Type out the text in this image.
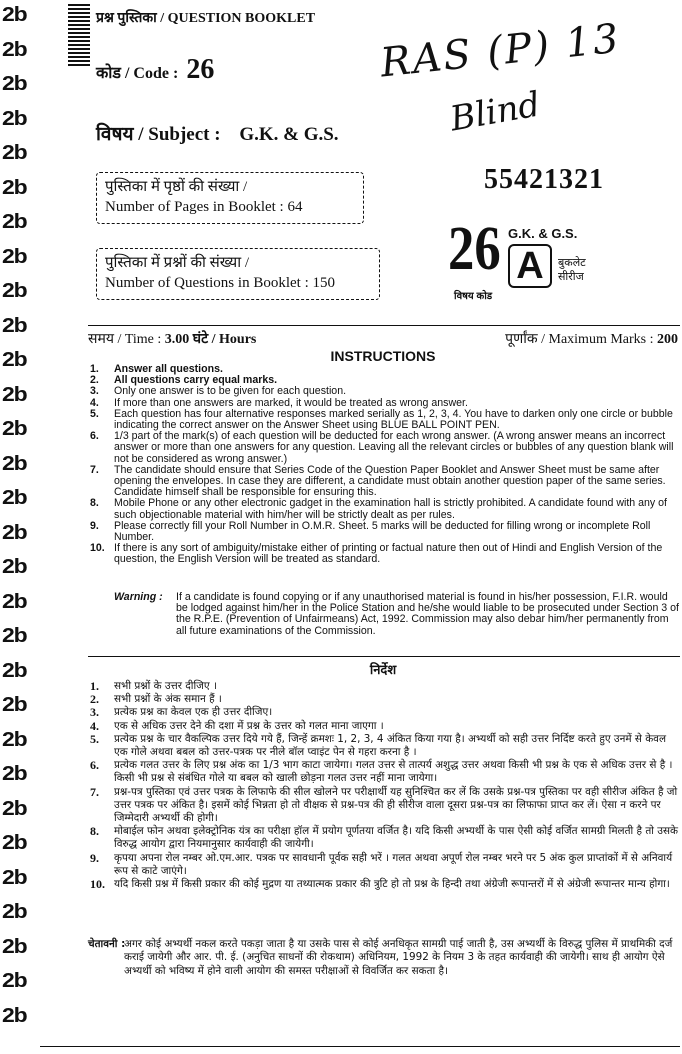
2b
2b
2b
2b
2b
2b
2b
2b
2b
2b
2b
2b
2b
2b
2b
2b
2b
2b
2b
2b
2b
2b
2b
2b
2b
2b
2b
2b
2b
2b
प्रश्न पुस्तिका / QUESTION BOOKLET
कोड / Code : 26	RAS (P) 13
Blind
विषय / Subject : G.K. & G.S.
55421321
पुस्तिका में पृष्ठों की संख्या /
Number of Pages in Booklet : 64
पुस्तिका में प्रश्नों की संख्या /
Number of Questions in Booklet : 150	26
विषय कोड
G.K. & G.S.
A	बुकलेट
सीरीज
समय / Time : 3.00 घंटे / Hours	पूर्णांक / Maximum Marks : 200
INSTRUCTIONS
1. Answer all questions.
2. All questions carry equal marks.
3. Only one answer is to be given for each question.
4. If more than one answers are marked, it would be treated as wrong answer.
5. Each question has four alternative responses marked serially as 1, 2, 3, 4. You have to darken only one circle or bubble indicating the correct answer on the Answer Sheet using BLUE BALL POINT PEN.
6. 1/3 part of the mark(s) of each question will be deducted for each wrong answer. (A wrong answer means an incorrect answer or more than one answers for any question. Leaving all the relevant circles or bubbles of any question blank will not be considered as wrong answer.)
7. The candidate should ensure that Series Code of the Question Paper Booklet and Answer Sheet must be same after opening the envelopes. In case they are different, a candidate must obtain another question paper of the same series. Candidate himself shall be responsible for ensuring this.
8. Mobile Phone or any other electronic gadget in the examination hall is strictly prohibited. A candidate found with any of such objectionable material with him/her will be strictly dealt as per rules.
9. Please correctly fill your Roll Number in O.M.R. Sheet. 5 marks will be deducted for filling wrong or incomplete Roll Number.
10. If there is any sort of ambiguity/mistake either of printing or factual nature then out of Hindi and English Version of the question, the English Version will be treated as standard.
Warning : If a candidate is found copying or if any unauthorised material is found in his/her possession, F.I.R. would be lodged against him/her in the Police Station and he/she would liable to be prosecuted under Section 3 of the R.P.E. (Prevention of Unfairmeans) Act, 1992. Commission may also debar him/her permanently from all future examinations of the Commission.
निर्देश
1. सभी प्रश्नों के उत्तर दीजिए ।
2. सभी प्रश्नों के अंक समान हैं ।
3. प्रत्येक प्रश्न का केवल एक ही उत्तर दीजिए।
4. एक से अधिक उत्तर देने की दशा में प्रश्न के उत्तर को गलत माना जाएगा ।
5. प्रत्येक प्रश्न के चार वैकल्पिक उत्तर दिये गये हैं, जिन्हें क्रमशः 1, 2, 3, 4 अंकित किया गया है। अभ्यर्थी को सही उत्तर निर्दिष्ट करते हुए उनमें से केवल एक गोले अथवा बबल को उत्तर-पत्रक पर नीले बॉल प्वाइंट पेन से गहरा करना है ।
6. प्रत्येक गलत उत्तर के लिए प्रश्न अंक का 1/3 भाग काटा जायेगा। गलत उत्तर से तात्पर्य अशुद्ध उत्तर अथवा किसी भी प्रश्न के एक से अधिक उत्तर से है । किसी भी प्रश्न से संबंधित गोले या बबल को खाली छोड़ना गलत उत्तर नहीं माना जायेगा।
7. प्रश्न-पत्र पुस्तिका एवं उत्तर पत्रक के लिफाफे की सील खोलने पर परीक्षार्थी यह सुनिश्चित कर लें कि उसके प्रश्न-पत्र पुस्तिका पर वही सीरीज अंकित है जो उत्तर पत्रक पर अंकित है। इसमें कोई भिन्नता हो तो वीक्षक से प्रश्न-पत्र की ही सीरीज वाला दूसरा प्रश्न-पत्र का लिफाफा प्राप्त कर लें। ऐसा न करने पर जिम्मेदारी अभ्यर्थी की होगी।
8. मोबाईल फोन अथवा इलेक्ट्रोनिक यंत्र का परीक्षा हॉल में प्रयोग पूर्णतया वर्जित है। यदि किसी अभ्यर्थी के पास ऐसी कोई वर्जित सामग्री मिलती है तो उसके विरुद्ध आयोग द्वारा नियमानुसार कार्यवाही की जायेगी।
9. कृपया अपना रोल नम्बर ओ.एम.आर. पत्रक पर सावधानी पूर्वक सही भरें । गलत अथवा अपूर्ण रोल नम्बर भरने पर 5 अंक कुल प्राप्तांकों में से अनिवार्य रूप से काटे जाएंगे।
10. यदि किसी प्रश्न में किसी प्रकार की कोई मुद्रण या तथ्यात्मक प्रकार की त्रुटि हो तो प्रश्न के हिन्दी तथा अंग्रेजी रूपान्तरों में से अंग्रेजी रूपान्तर मान्य होगा।
चेतावनी :
अगर कोई अभ्यर्थी नकल करते पकड़ा जाता है या उसके पास से कोई अनधिकृत सामग्री पाई जाती है, उस अभ्यर्थी के विरुद्ध पुलिस में प्राथमिकी दर्ज कराई जायेगी और आर. पी. ई. (अनुचित साधनों की रोकथाम) अधिनियम, 1992 के नियम 3 के तहत कार्यवाही की जायेगी। साथ ही आयोग ऐसे अभ्यर्थी को भविष्य में होने वाली आयोग की समस्त परीक्षाओं से विवर्जित कर सकता है।
